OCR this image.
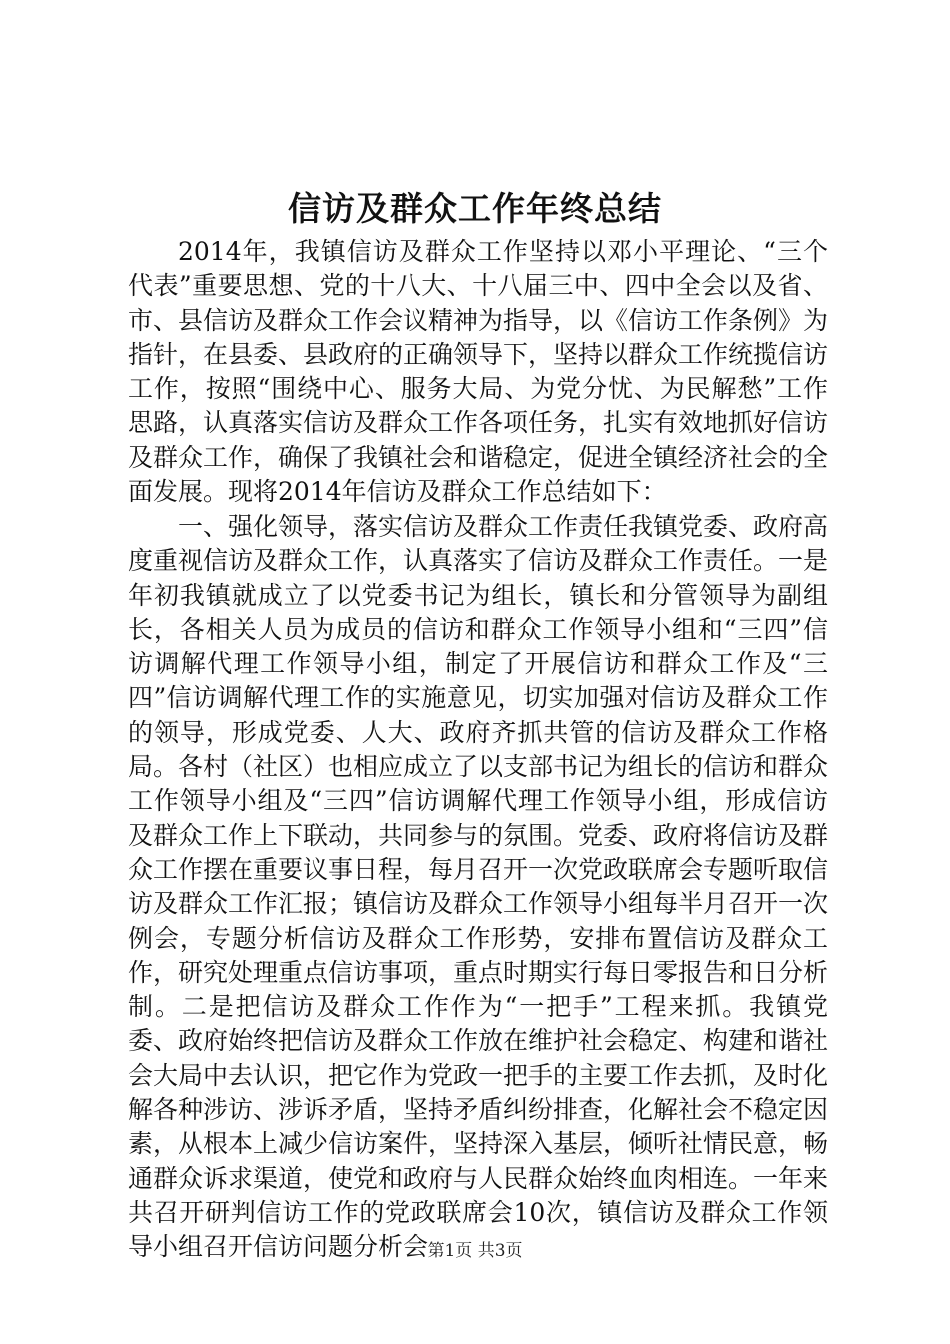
信访及群众工作年终总结

2014年，我镇信访及群众工作坚持以邓小平理论、“三个代表”重要思想、党的十八大、十八届三中、四中全会以及省、市、县信访及群众工作会议精神为指导，以《信访工作条例》为指针，在县委、县政府的正确领导下，坚持以群众工作统揽信访工作，按照“围绕中心、服务大局、为党分忧、为民解愁”工作思路，认真落实信访及群众工作各项任务，扎实有效地抓好信访及群众工作，确保了我镇社会和谐稳定，促进全镇经济社会的全面发展。现将2014年信访及群众工作总结如下：

一、强化领导，落实信访及群众工作责任我镇党委、政府高度重视信访及群众工作，认真落实了信访及群众工作责任。一是年初我镇就成立了以党委书记为组长，镇长和分管领导为副组长，各相关人员为成员的信访和群众工作领导小组和“三四”信访调解代理工作领导小组，制定了开展信访和群众工作及“三四”信访调解代理工作的实施意见，切实加强对信访及群众工作的领导，形成党委、人大、政府齐抓共管的信访及群众工作格局。各村（社区）也相应成立了以支部书记为组长的信访和群众工作领导小组及“三四”信访调解代理工作领导小组，形成信访及群众工作上下联动，共同参与的氛围。党委、政府将信访及群众工作摆在重要议事日程，每月召开一次党政联席会专题听取信访及群众工作汇报；镇信访及群众工作领导小组每半月召开一次例会，专题分析信访及群众工作形势，安排布置信访及群众工作，研究处理重点信访事项，重点时期实行每日零报告和日分析制。二是把信访及群众工作作为“一把手”工程来抓。我镇党委、政府始终把信访及群众工作放在维护社会稳定、构建和谐社会大局中去认识，把它作为党政一把手的主要工作去抓，及时化解各种涉访、涉诉矛盾，坚持矛盾纠纷排查，化解社会不稳定因素，从根本上减少信访案件，坚持深入基层，倾听社情民意，畅通群众诉求渠道，使党和政府与人民群众始终血肉相连。一年来共召开研判信访工作的党政联席会10次，镇信访及群众工作领导小组召开信访问题分析会 第1页 共3页
